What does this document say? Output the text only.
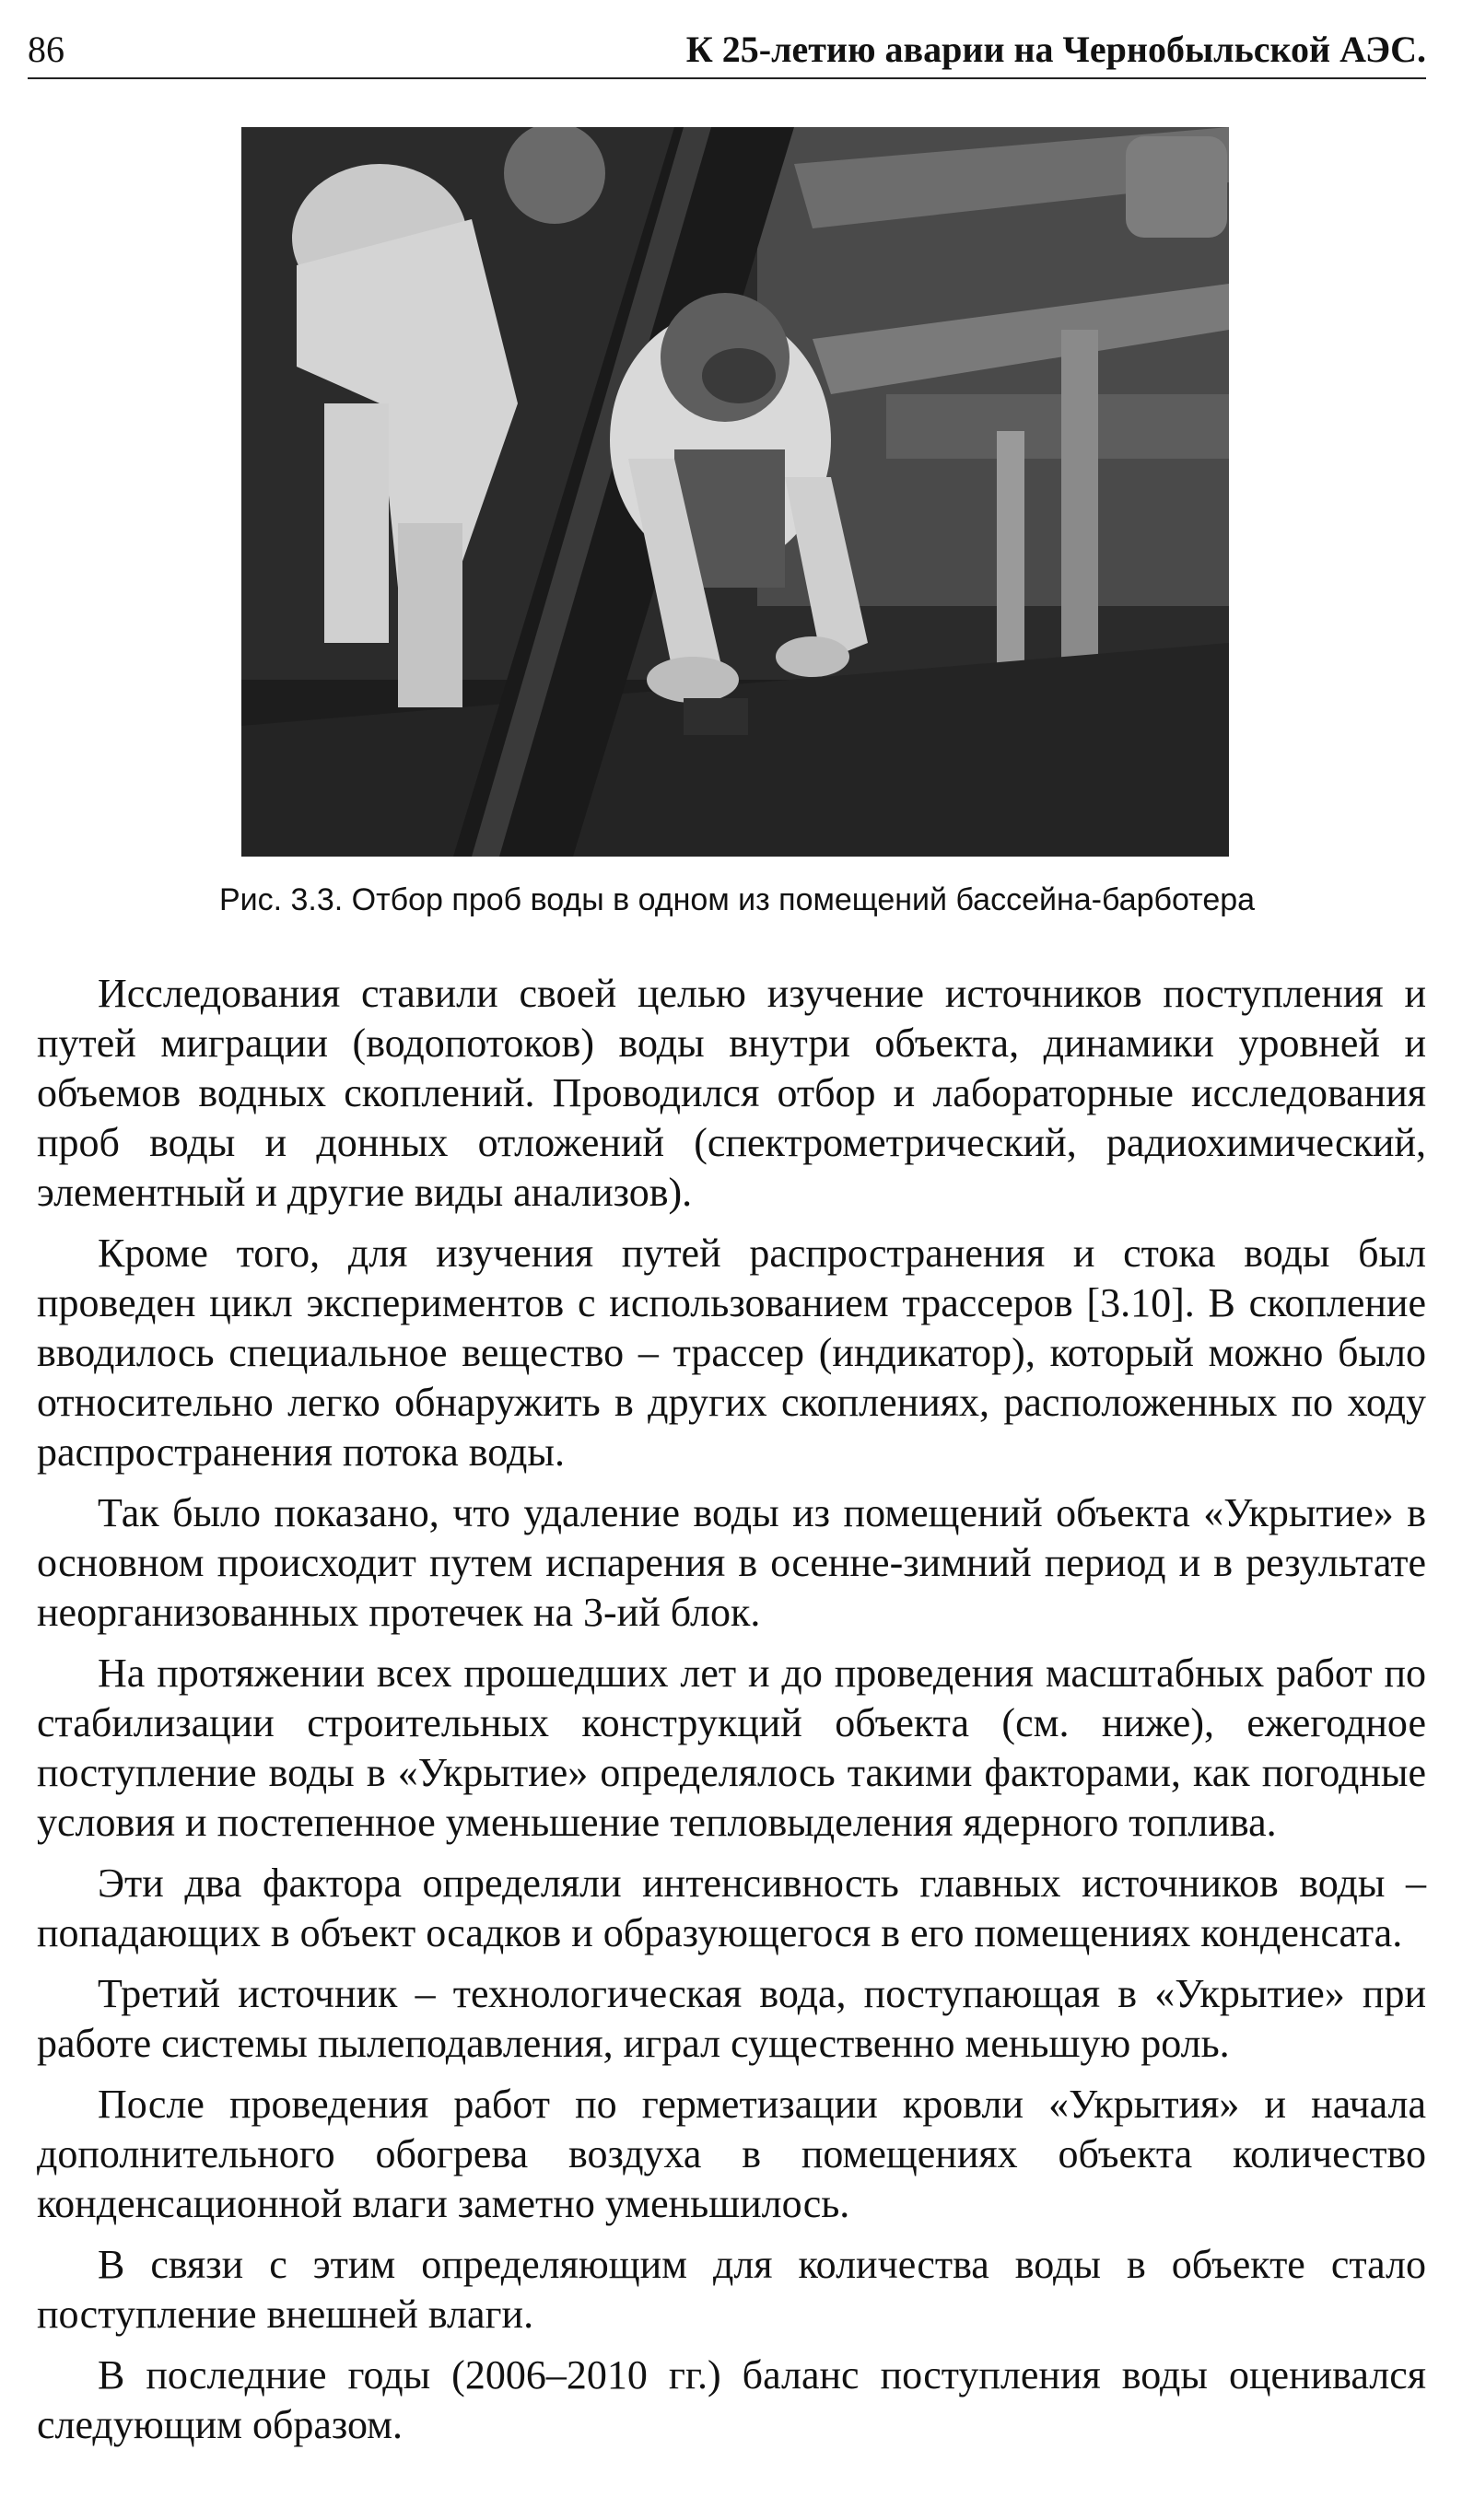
86	К 25-летию аварии на Чернобыльской АЭС.
Рис. 3.3. Отбор проб воды в одном из помещений бассейна-барботера

Исследования ставили своей целью изучение источников поступления и путей миграции (водопотоков) воды внутри объекта, динамики уровней и объемов водных скоплений. Проводился отбор и лабораторные исследования проб воды и донных отложений (спектрометрический, радиохимический, элементный и другие виды анализов).

Кроме того, для изучения путей распространения и стока воды был проведен цикл экспериментов с использованием трассеров [3.10]. В скопление вводилось специальное вещество – трассер (индикатор), который можно было относительно легко обнаружить в других скоплениях, расположенных по ходу распространения потока воды.

Так было показано, что удаление воды из помещений объекта «Укрытие» в основном происходит путем испарения в осенне-зимний период и в результате неорганизованных протечек на 3-ий блок.

На протяжении всех прошедших лет и до проведения масштабных работ по стабилизации строительных конструкций объекта (см. ниже), ежегодное поступление воды в «Укрытие» определялось такими факторами, как погодные условия и постепенное уменьшение тепловыделения ядерного топлива.

Эти два фактора определяли интенсивность главных источников воды – попадающих в объект осадков и образующегося в его помещениях конденсата.

Третий источник – технологическая вода, поступающая в «Укрытие» при работе системы пылеподавления, играл существенно меньшую роль.

После проведения работ по герметизации кровли «Укрытия» и начала дополнительного обогрева воздуха в помещениях объекта количество конденсационной влаги заметно уменьшилось.

В связи с этим определяющим для количества воды в объекте стало поступление внешней влаги.

В последние годы (2006–2010 гг.) баланс поступления воды оценивался следующим образом.
